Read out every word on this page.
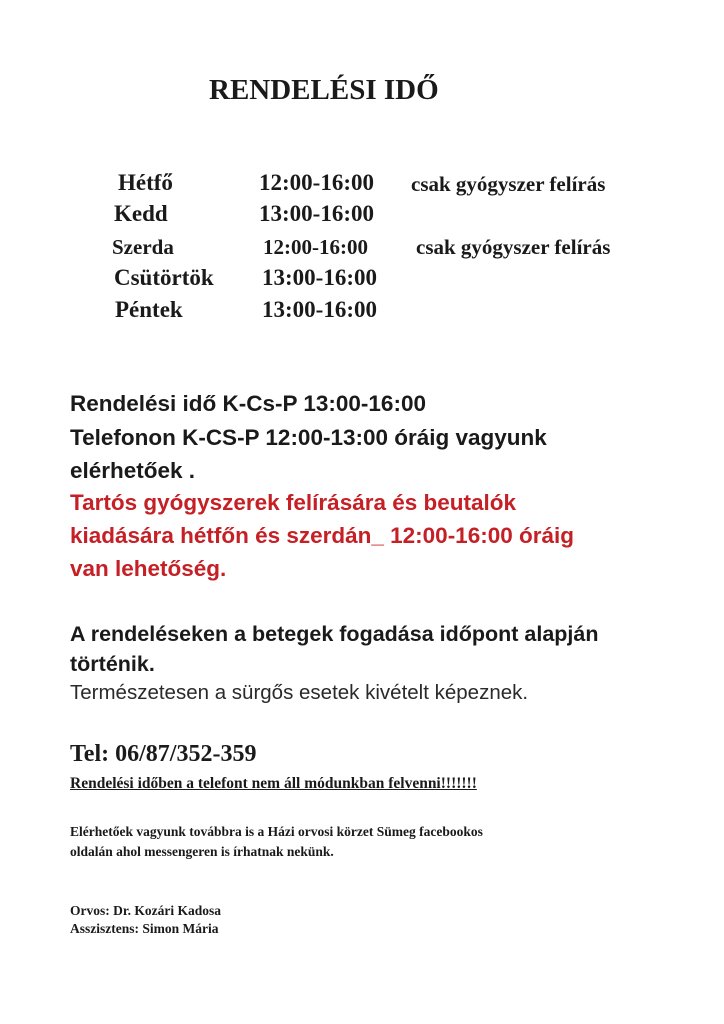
RENDELÉSI IDŐ
Hétfő	12:00-16:00 csak gyógyszer felírás
Kedd	13:00-16:00
Szerda	12:00-16:00 csak gyógyszer felírás
Csütörtök 13:00-16:00
Péntek	13:00-16:00
Rendelési idő K-Cs-P 13:00-16:00
Telefonon K-CS-P 12:00-13:00 óráig vagyunk
elérhetőek .
Tartós gyógyszerek felírására és beutalók
kiadására hétfőn és szerdán_ 12:00-16:00 óráig
van lehetőség.
A rendeléseken a betegek fogadása időpont alapján
történik.
Természetesen a sürgős esetek kivételt képeznek.
Tel: 06/87/352-359
Rendelési időben a telefont nem áll módunkban felvenni!!!!!!!
Elérhetőek vagyunk továbbra is a Házi orvosi körzet Sümeg facebookos
oldalán ahol messengeren is írhatnak nekünk.
Orvos: Dr. Kozári Kadosa
Asszisztens: Simon Mária
